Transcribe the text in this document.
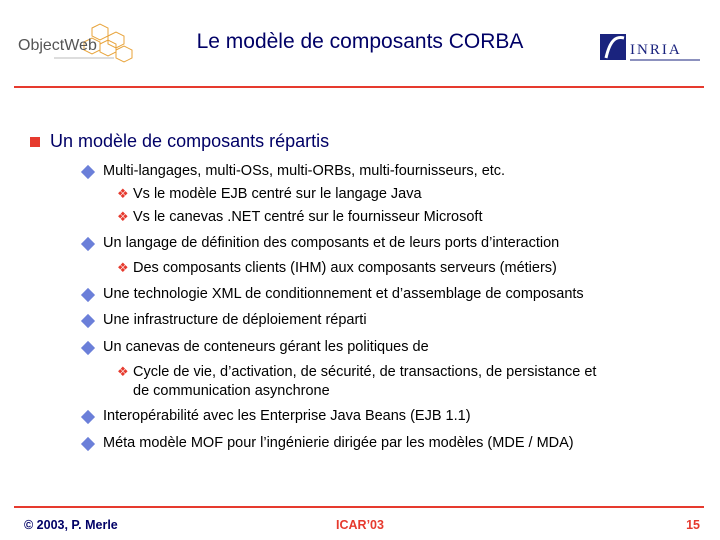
ObjectWeb	INRIA
Le modèle de composants CORBA
Un modèle de composants répartis
Multi-langages, multi-OSs, multi-ORBs, multi-fournisseurs, etc.
❖ Vs le modèle EJB centré sur le langage Java
❖ Vs le canevas .NET centré sur le fournisseur Microsoft
Un langage de définition des composants et de leurs ports d’interaction
❖ Des composants clients (IHM) aux composants serveurs (métiers)
Une technologie XML de conditionnement et d’assemblage de composants
Une infrastructure de déploiement réparti
Un canevas de conteneurs gérant les politiques de
❖ Cycle de vie, d’activation, de sécurité, de transactions, de persistance et
de communication asynchrone
Interopérabilité avec les Enterprise Java Beans (EJB 1.1)
Méta modèle MOF pour l’ingénierie dirigée par les modèles (MDE / MDA)
© 2003, P. Merle	ICAR’03	15
